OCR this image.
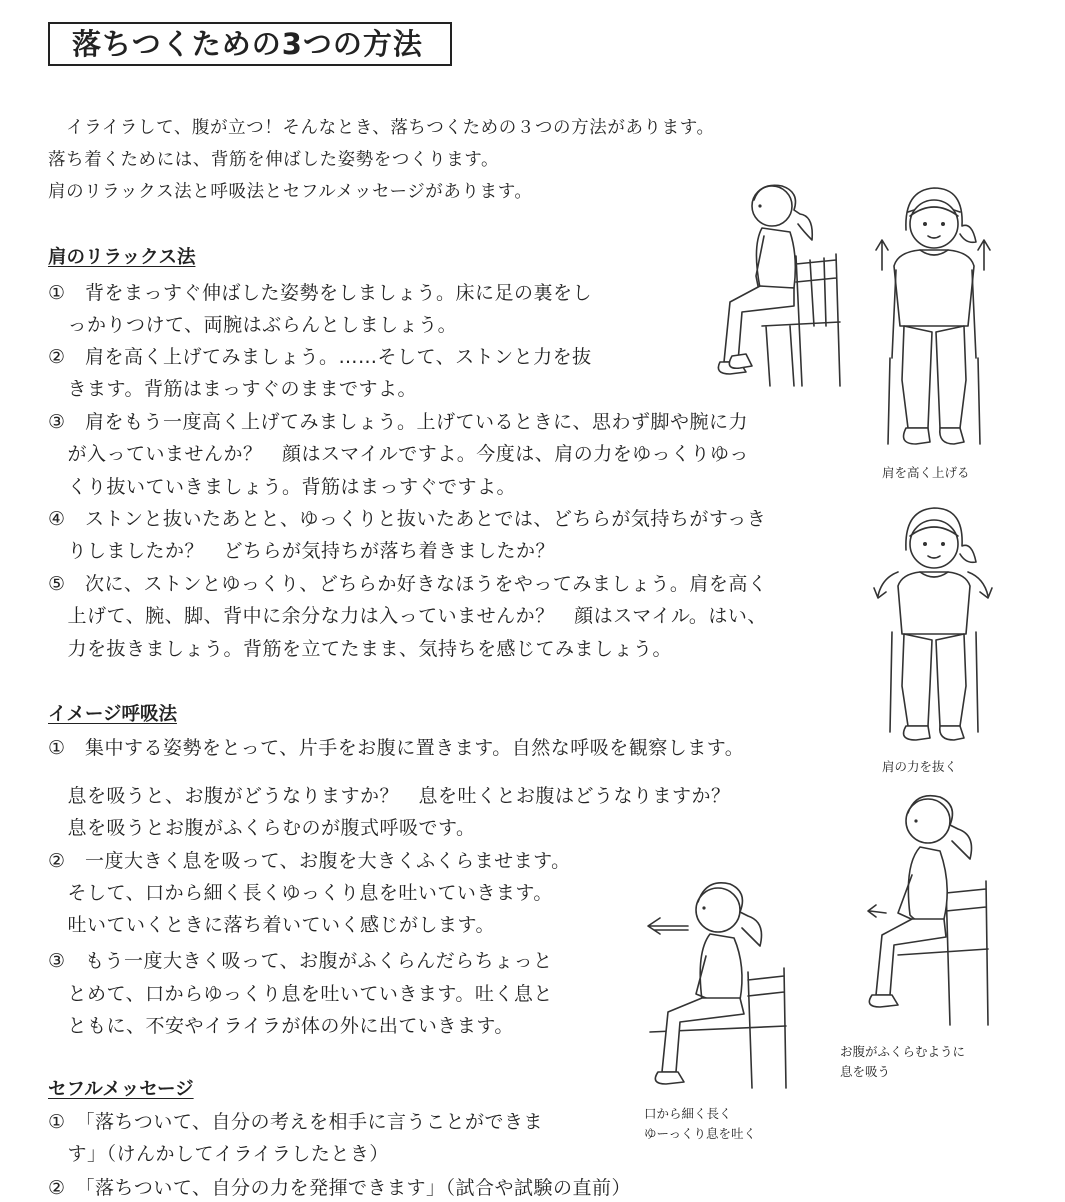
落ちつくための3つの方法
　イライラして、腹が立つ！そんなとき、落ちつくための３つの方法があります。
落ち着くためには、背筋を伸ばした姿勢をつくります。
肩のリラックス法と呼吸法とセフルメッセージがあります。
肩のリラックス法
①　背をまっすぐ伸ばした姿勢をしましょう。床に足の裏をし
　っかりつけて、両腕はぶらんとしましょう。
②　肩を高く上げてみましょう。……そして、ストンと力を抜
　きます。背筋はまっすぐのままですよ。
③　肩をもう一度高く上げてみましょう。上げているときに、思わず脚や腕に力
　が入っていませんか？　顔はスマイルですよ。今度は、肩の力をゆっくりゆっ
　くり抜いていきましょう。背筋はまっすぐですよ。
④　ストンと抜いたあとと、ゆっくりと抜いたあとでは、どちらが気持ちがすっき
　りしましたか？　どちらが気持ちが落ち着きましたか？
⑤　次に、ストンとゆっくり、どちらか好きなほうをやってみましょう。肩を高く
　上げて、腕、脚、背中に余分な力は入っていませんか？　顔はスマイル。はい、
　力を抜きましょう。背筋を立てたまま、気持ちを感じてみましょう。
イメージ呼吸法
①　集中する姿勢をとって、片手をお腹に置きます。自然な呼吸を観察します。
　息を吸うと、お腹がどうなりますか？　息を吐くとお腹はどうなりますか？
　息を吸うとお腹がふくらむのが腹式呼吸です。
②　一度大きく息を吸って、お腹を大きくふくらませます。
　そして、口から細く長くゆっくり息を吐いていきます。
　吐いていくときに落ち着いていく感じがします。
③　もう一度大きく吸って、お腹がふくらんだらちょっと
　とめて、口からゆっくり息を吐いていきます。吐く息と
　ともに、不安やイライラが体の外に出ていきます。
セフルメッセージ
①　「落ちついて、自分の考えを相手に言うことができま
　す」（けんかしてイライラしたとき）
②　「落ちついて、自分の力を発揮できます」（試合や試験の直前）
肩を高く上げる
肩の力を抜く
お腹がふくらむように
息を吸う
口から細く長く
ゆーっくり息を吐く
